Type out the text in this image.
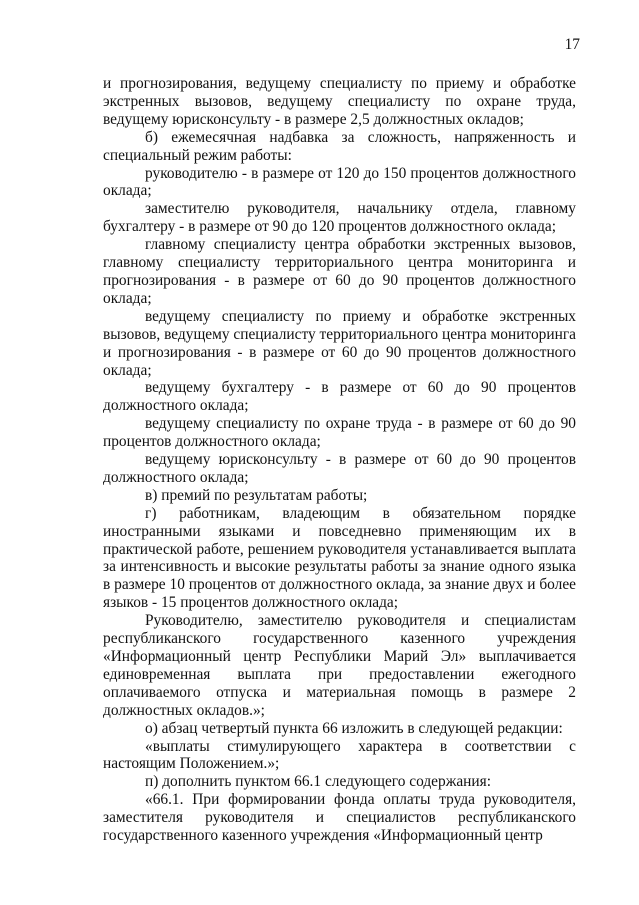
17

и прогнозирования, ведущему специалисту по приему и обработке экстренных вызовов, ведущему специалисту по охране труда, ведущему юрисконсульту - в размере 2,5 должностных окладов;

б) ежемесячная надбавка за сложность, напряженность и специальный режим работы:

руководителю - в размере от 120 до 150 процентов должностного оклада;

заместителю руководителя, начальнику отдела, главному бухгалтеру - в размере от 90 до 120 процентов должностного оклада;

главному специалисту центра обработки экстренных вызовов, главному специалисту территориального центра мониторинга и прогнозирования - в размере от 60 до 90 процентов должностного оклада;

ведущему специалисту по приему и обработке экстренных вызовов, ведущему специалисту территориального центра мониторинга и прогнозирования - в размере от 60 до 90 процентов должностного оклада;

ведущему бухгалтеру - в размере от 60 до 90 процентов должностного оклада;

ведущему специалисту по охране труда - в размере от 60 до 90 процентов должностного оклада;

ведущему юрисконсульту - в размере от 60 до 90 процентов должностного оклада;

в) премий по результатам работы;

г) работникам, владеющим в обязательном порядке иностранными языками и повседневно применяющим их в практической работе, решением руководителя устанавливается выплата за интенсивность и высокие результаты работы за знание одного языка в размере 10 процентов от должностного оклада, за знание двух и более языков - 15 процентов должностного оклада;

Руководителю, заместителю руководителя и специалистам республиканского государственного казенного учреждения «Информационный центр Республики Марий Эл» выплачивается единовременная выплата при предоставлении ежегодного оплачиваемого отпуска и материальная помощь в размере 2 должностных окладов.»;

о) абзац четвертый пункта 66 изложить в следующей редакции:

«выплаты стимулирующего характера в соответствии с настоящим Положением.»;

п) дополнить пунктом 66.1 следующего содержания:

«66.1. При формировании фонда оплаты труда руководителя, заместителя руководителя и специалистов республиканского государственного казенного учреждения «Информационный центр
